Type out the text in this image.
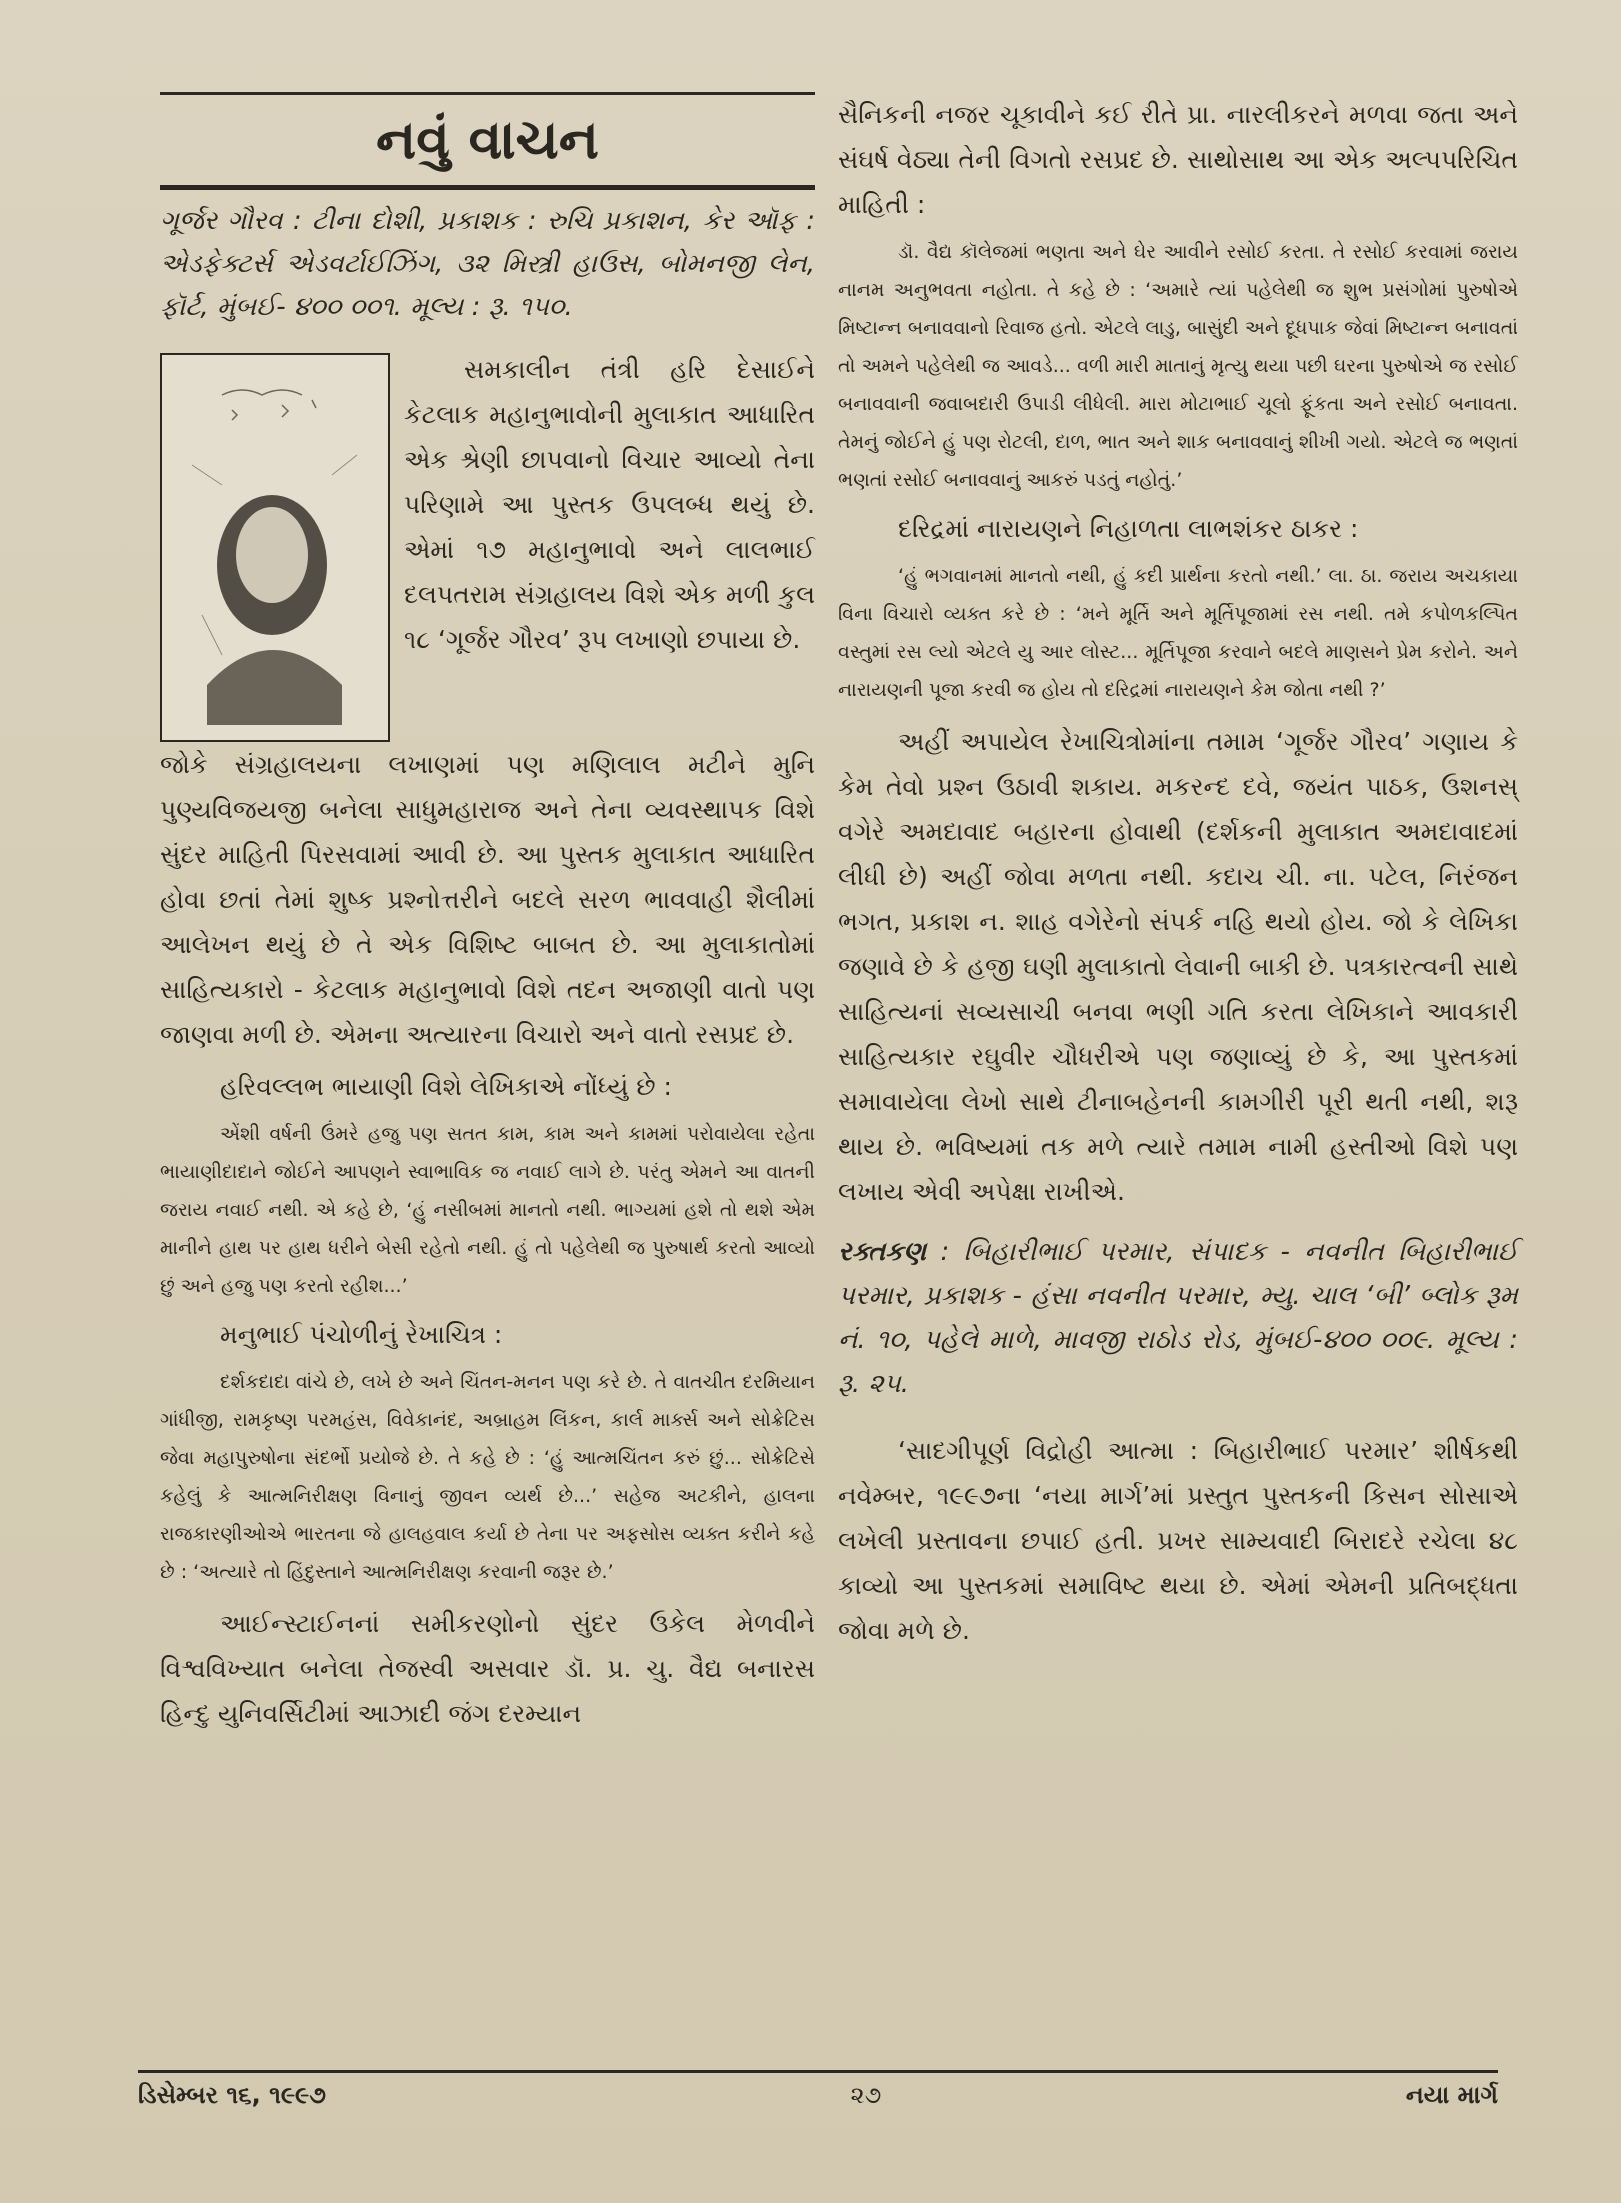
નવું વાચન
ગૂર્જર ગૌરવ : ટીના દોશી, પ્રકાશક : રુચિ પ્રકાશન, કેર ઑફ : એડફેક્ટર્સ એડવર્ટાઈઝિંગ, ૩૨ મિસ્ત્રી હાઉસ, બોમનજી લેન, ફૉર્ટ, મુંબઈ- ૪૦૦ ૦૦૧. મૂલ્ય : રૂ. ૧૫૦.

સમકાલીન તંત્રી હરિ દેસાઈને કેટલાક મહાનુભાવોની મુલાકાત આધારિત એક શ્રેણી છાપવાનો વિચાર આવ્યો તેના પરિણામે આ પુસ્તક ઉપલબ્ધ થયું છે. એમાં ૧૭ મહાનુભાવો અને લાલભાઈ દલપતરામ સંગ્રહાલય વિશે એક મળી કુલ ૧૮ ‘ગૂર્જર ગૌરવ’ રૂપ લખાણો છપાયા છે.

જોકે સંગ્રહાલયના લખાણમાં પણ મણિલાલ મટીને મુનિ પુણ્યવિજયજી બનેલા સાધુમહારાજ અને તેના વ્યવસ્થાપક વિશે સુંદર માહિતી પિરસવામાં આવી છે. આ પુસ્તક મુલાકાત આધારિત હોવા છતાં તેમાં શુષ્ક પ્રશ્નોત્તરીને બદલે સરળ ભાવવાહી શૈલીમાં આલેખન થયું છે તે એક વિશિષ્ટ બાબત છે. આ મુલાકાતોમાં સાહિત્યકારો - કેટલાક મહાનુભાવો વિશે તદન અજાણી વાતો પણ જાણવા મળી છે. એમના અત્યારના વિચારો અને વાતો રસપ્રદ છે.

હરિવલ્લભ ભાયાણી વિશે લેખિકાએ નોંધ્યું છે :

એંશી વર્ષની ઉંમરે હજુ પણ સતત કામ, કામ અને કામમાં પરોવાયેલા રહેતા ભાયાણીદાદાને જોઈને આપણને સ્વાભાવિક જ નવાઈ લાગે છે. પરંતુ એમને આ વાતની જરાય નવાઈ નથી. એ કહે છે, ‘હું નસીબમાં માનતો નથી. ભાગ્યમાં હશે તો થશે એમ માનીને હાથ પર હાથ ધરીને બેસી રહેતો નથી. હું તો પહેલેથી જ પુરુષાર્થ કરતો આવ્યો છું અને હજુ પણ કરતો રહીશ...’

મનુભાઈ પંચોળીનું રેખાચિત્ર :

દર્શકદાદા વાંચે છે, લખે છે અને ચિંતન-મનન પણ કરે છે. તે વાતચીત દરમિયાન ગાંધીજી, રામકૃષ્ણ પરમહંસ, વિવેકાનંદ, અબ્રાહમ લિંકન, કાર્લ માર્ક્સ અને સોક્રેટિસ જેવા મહાપુરુષોના સંદર્ભો પ્રયોજે છે. તે કહે છે : ‘હું આત્મચિંતન કરું છું... સોક્રેટિસે કહેલું કે આત્મનિરીક્ષણ વિનાનું જીવન વ્યર્થ છે...’ સહેજ અટકીને, હાલના રાજકારણીઓએ ભારતના જે હાલહવાલ કર્યા છે તેના પર અફસોસ વ્યક્ત કરીને કહે છે : ‘અત્યારે તો હિંદુસ્તાને આત્મનિરીક્ષણ કરવાની જરૂર છે.’

આઈન્સ્ટાઈનનાં સમીકરણોનો સુંદર ઉકેલ મેળવીને વિશ્વવિખ્યાત બનેલા તેજસ્વી અસવાર ડૉ. પ્ર. ચુ. વૈદ્ય બનારસ હિન્દુ યુનિવર્સિટીમાં આઝાદી જંગ દરમ્યાન

સૈનિકની નજર ચૂકાવીને કઈ રીતે પ્રા. નારલીકરને મળવા જતા અને સંઘર્ષ વેઠ્યા તેની વિગતો રસપ્રદ છે. સાથોસાથ આ એક અલ્પપરિચિત માહિતી :

ડૉ. વૈદ્ય કૉલેજમાં ભણતા અને ઘેર આવીને રસોઈ કરતા. તે રસોઈ કરવામાં જરાય નાનમ અનુભવતા નહોતા. તે કહે છે : ‘અમારે ત્યાં પહેલેથી જ શુભ પ્રસંગોમાં પુરુષોએ મિષ્ટાન્ન બનાવવાનો રિવાજ હતો. એટલે લાડુ, બાસુંદી અને દૂધપાક જેવાં મિષ્ટાન્ન બનાવતાં તો અમને પહેલેથી જ આવડે... વળી મારી માતાનું મૃત્યુ થયા પછી ઘરના પુરુષોએ જ રસોઈ બનાવવાની જવાબદારી ઉપાડી લીધેલી. મારા મોટાભાઈ ચૂલો ફૂંકતા અને રસોઈ બનાવતા. તેમનું જોઈને હું પણ રોટલી, દાળ, ભાત અને શાક બનાવવાનું શીખી ગયો. એટલે જ ભણતાં ભણતાં રસોઈ બનાવવાનું આકરું પડતું નહોતું.’

દરિદ્રમાં નારાયણને નિહાળતા લાભશંકર ઠાકર :

‘હું ભગવાનમાં માનતો નથી, હું કદી પ્રાર્થના કરતો નથી.’ લા. ઠા. જરાય અચકાયા વિના વિચારો વ્યક્ત કરે છે : ‘મને મૂર્તિ અને મૂર્તિપૂજામાં રસ નથી. તમે કપોળકલ્પિત વસ્તુમાં રસ લ્યો એટલે યુ આર લોસ્ટ... મૂર્તિપૂજા કરવાને બદલે માણસને પ્રેમ કરોને. અને નારાયણની પૂજા કરવી જ હોય તો દરિદ્રમાં નારાયણને કેમ જોતા નથી ?’

અહીં અપાયેલ રેખાચિત્રોમાંના તમામ ‘ગૂર્જર ગૌરવ’ ગણાય કે કેમ તેવો પ્રશ્ન ઉઠાવી શકાય. મકરન્દ દવે, જયંત પાઠક, ઉશનસ્ વગેરે અમદાવાદ બહારના હોવાથી (દર્શકની મુલાકાત અમદાવાદમાં લીધી છે) અહીં જોવા મળતા નથી. કદાચ ચી. ના. પટેલ, નિરંજન ભગત, પ્રકાશ ન. શાહ વગેરેનો સંપર્ક નહિ થયો હોય. જો કે લેખિકા જણાવે છે કે હજી ઘણી મુલાકાતો લેવાની બાકી છે. પત્રકારત્વની સાથે સાહિત્યનાં સવ્યસાચી બનવા ભણી ગતિ કરતા લેખિકાને આવકારી સાહિત્યકાર રઘુવીર ચૌધરીએ પણ જણાવ્યું છે કે, આ પુસ્તકમાં સમાવાયેલા લેખો સાથે ટીનાબહેનની કામગીરી પૂરી થતી નથી, શરૂ થાય છે. ભવિષ્યમાં તક મળે ત્યારે તમામ નામી હસ્તીઓ વિશે પણ લખાય એવી અપેક્ષા રાખીએ.

રક્તકણ : બિહારીભાઈ પરમાર, સંપાદક - નવનીત બિહારીભાઈ પરમાર, પ્રકાશક - હંસા નવનીત પરમાર, મ્યુ. ચાલ ‘બી’ બ્લોક રૂમ નં. ૧૦, પહેલે માળે, માવજી રાઠોડ રોડ, મુંબઈ-૪૦૦ ૦૦૯. મૂલ્ય : રૂ. ૨૫.

‘સાદગીપૂર્ણ વિદ્રોહી આત્મા : બિહારીભાઈ પરમાર’ શીર્ષકથી નવેમ્બર, ૧૯૯૭ના ‘નયા માર્ગ’માં પ્રસ્તુત પુસ્તકની કિસન સોસાએ લખેલી પ્રસ્તાવના છપાઈ હતી. પ્રખર સામ્યવાદી બિરાદરે રચેલા ૪૮ કાવ્યો આ પુસ્તકમાં સમાવિષ્ટ થયા છે. એમાં એમની પ્રતિબદ્ધતા જોવા મળે છે.

ડિસેમ્બર ૧૬, ૧૯૯૭	૨૭	નયા માર્ગ
